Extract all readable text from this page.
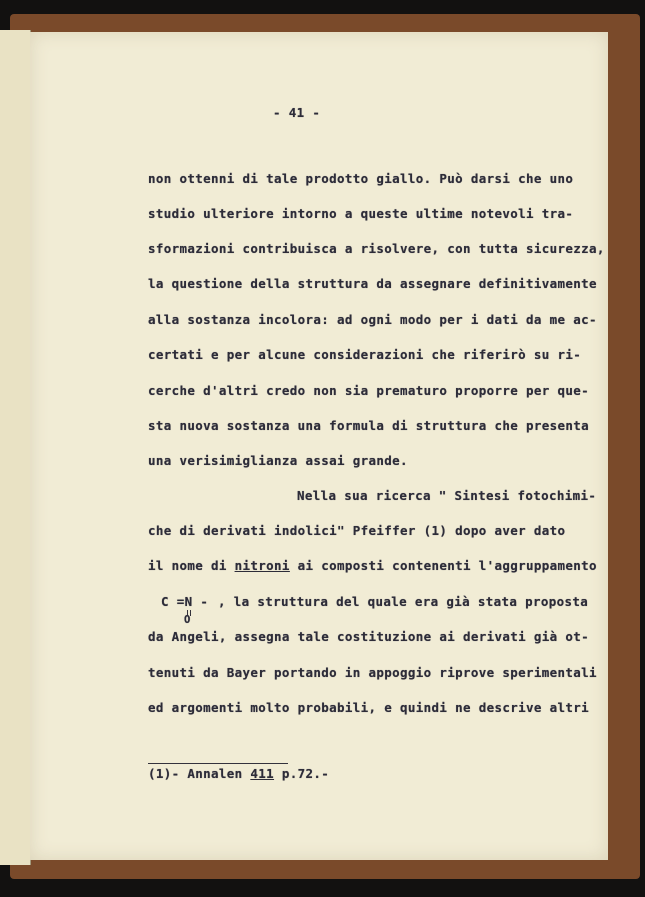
- 41 -
non ottenni di tale prodotto giallo. Può darsi che uno
studio ulteriore intorno a queste ultime notevoli tra-
sformazioni contribuisca a risolvere, con tutta sicurezza,
la questione della struttura da assegnare definitivamente
alla sostanza incolora: ad ogni modo per i dati da me ac-
certati e per alcune considerazioni che riferirò su ri-
cerche d'altri credo non sia prematuro proporre per que-
sta nuova sostanza una formula di struttura che presenta
una verisimiglianza assai grande.
Nella sua ricerca " Sintesi fotochimi-
che di derivati indolici" Pfeiffer (1) dopo aver dato
il nome di nitroni ai composti contenenti l'aggruppamento
C =N -
O
, la struttura del quale era già stata proposta
da Angeli, assegna tale costituzione ai derivati già ot-
tenuti da Bayer portando in appoggio riprove sperimentali
ed argomenti molto probabili, e quindi ne descrive altri
(1)- Annalen 411 p.72.-
